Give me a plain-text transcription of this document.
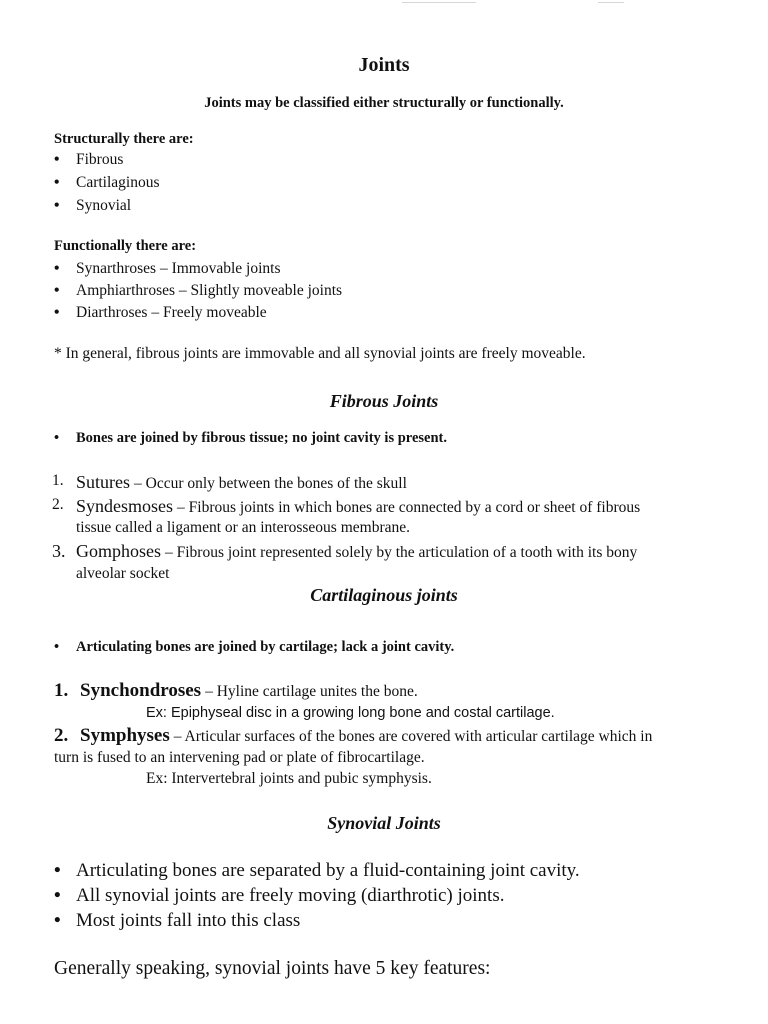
Joints
Joints may be classified either structurally or functionally.
Structurally there are:
• Fibrous
• Cartilaginous
• Synovial
Functionally there are:
• Synarthroses – Immovable joints
• Amphiarthroses – Slightly moveable joints
• Diarthroses – Freely moveable
* In general, fibrous joints are immovable and all synovial joints are freely moveable.
Fibrous Joints
• Bones are joined by fibrous tissue; no joint cavity is present.
1. Sutures – Occur only between the bones of the skull
2. Syndesmoses – Fibrous joints in which bones are connected by a cord or sheet of fibrous
tissue called a ligament or an interosseous membrane.
3. Gomphoses – Fibrous joint represented solely by the articulation of a tooth with its bony
alveolar socket
Cartilaginous joints
• Articulating bones are joined by cartilage; lack a joint cavity.
1. Synchondroses – Hyline cartilage unites the bone.
Ex: Epiphyseal disc in a growing long bone and costal cartilage.
2. Symphyses – Articular surfaces of the bones are covered with articular cartilage which in
turn is fused to an intervening pad or plate of fibrocartilage.
Ex: Intervertebral joints and pubic symphysis.
Synovial Joints
• Articulating bones are separated by a fluid-containing joint cavity.
• All synovial joints are freely moving (diarthrotic) joints.
• Most joints fall into this class
Generally speaking, synovial joints have 5 key features:
